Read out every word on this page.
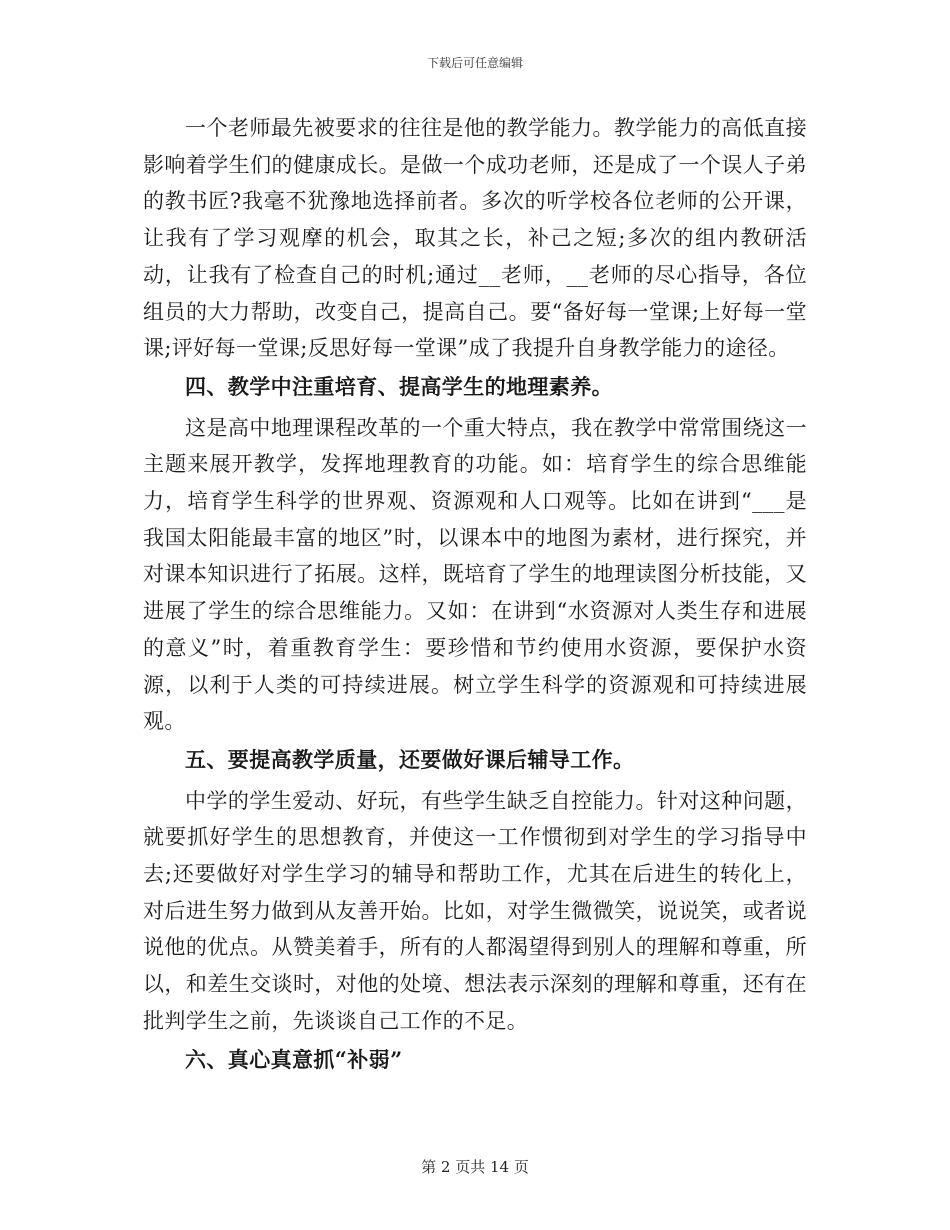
下载后可任意编辑

一个老师最先被要求的往往是他的教学能力。教学能力的高低直接影响着学生们的健康成长。是做一个成功老师，还是成了一个误人子弟的教书匠?我毫不犹豫地选择前者。多次的听学校各位老师的公开课，让我有了学习观摩的机会，取其之长，补己之短;多次的组内教研活动，让我有了检查自己的时机;通过__老师，__老师的尽心指导，各位组员的大力帮助，改变自己，提高自己。要“备好每一堂课;上好每一堂课;评好每一堂课;反思好每一堂课”成了我提升自身教学能力的途径。

四、教学中注重培育、提高学生的地理素养。

这是高中地理课程改革的一个重大特点，我在教学中常常围绕这一主题来展开教学，发挥地理教育的功能。如：培育学生的综合思维能力，培育学生科学的世界观、资源观和人口观等。比如在讲到“___是我国太阳能最丰富的地区”时，以课本中的地图为素材，进行探究，并对课本知识进行了拓展。这样，既培育了学生的地理读图分析技能，又进展了学生的综合思维能力。又如：在讲到“水资源对人类生存和进展的意义”时，着重教育学生：要珍惜和节约使用水资源，要保护水资源，以利于人类的可持续进展。树立学生科学的资源观和可持续进展观。

五、要提高教学质量，还要做好课后辅导工作。

中学的学生爱动、好玩，有些学生缺乏自控能力。针对这种问题，就要抓好学生的思想教育，并使这一工作惯彻到对学生的学习指导中去;还要做好对学生学习的辅导和帮助工作，尤其在后进生的转化上，对后进生努力做到从友善开始。比如，对学生微微笑，说说笑，或者说说他的优点。从赞美着手，所有的人都渴望得到别人的理解和尊重，所以，和差生交谈时，对他的处境、想法表示深刻的理解和尊重，还有在批判学生之前，先谈谈自己工作的不足。

六、真心真意抓“补弱”

第 2 页共 14 页
